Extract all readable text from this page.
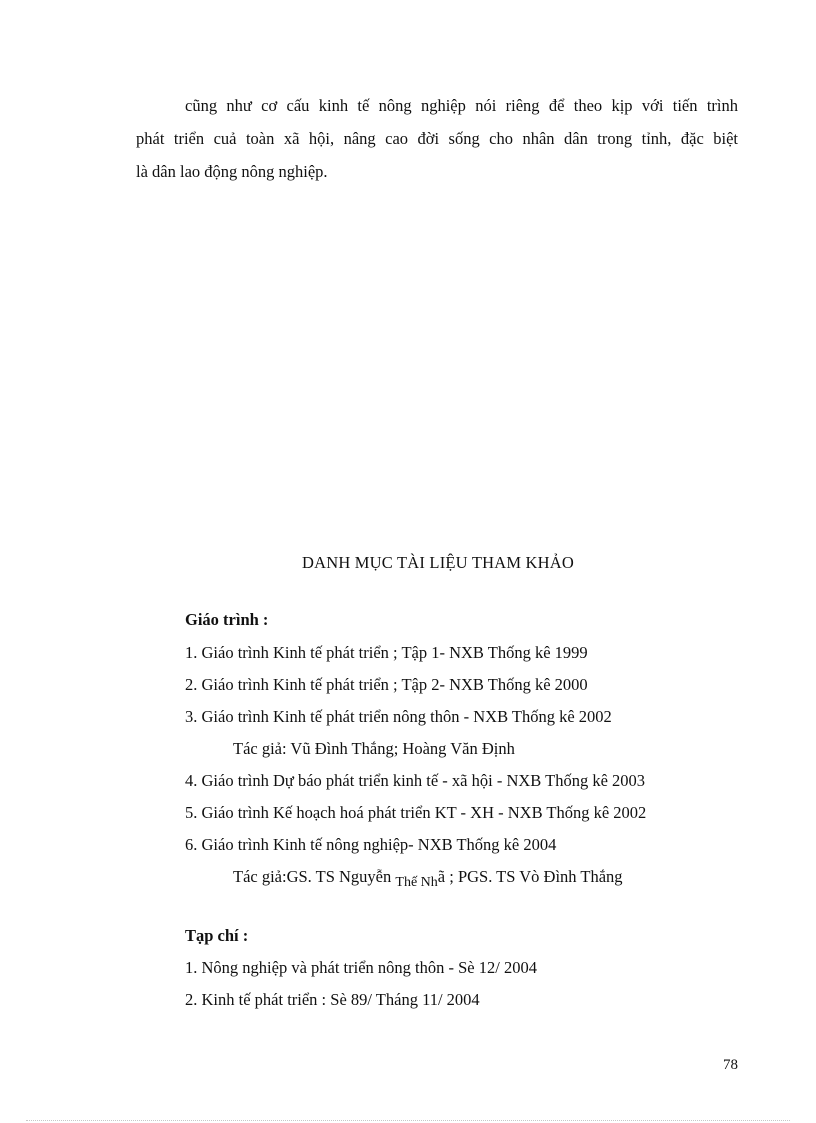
cũng như cơ cấu kinh tế nông nghiệp nói riêng để theo kịp với tiến trình
phát triển cuả toàn xã hội, nâng cao đời sống cho nhân dân trong tỉnh, đặc biệt
là dân lao động nông nghiệp.
DANH MỤC TÀI LIỆU THAM KHẢO
Giáo trình :
1. Giáo trình Kinh tế phát triển ; Tập 1- NXB Thống kê 1999
2. Giáo trình Kinh tế phát triển ; Tập 2- NXB Thống kê 2000
3. Giáo trình Kinh tế phát triển nông thôn - NXB Thống kê 2002
Tác giả: Vũ Đình Thắng; Hoàng Văn Định
4. Giáo trình Dự báo phát triển kinh tế - xã hội - NXB Thống kê 2003
5. Giáo trình Kế hoạch hoá phát triển KT - XH - NXB Thống kê 2002
6. Giáo trình Kinh tế nông nghiệp- NXB Thống kê 2004
Tác giả:GS. TS Nguyễn $_{Thế Nh}$ã ; PGS. TS Vò Đình Thắng
Tạp chí :
1. Nông nghiệp và phát triển nông thôn - Sè 12/ 2004
2. Kinh tế phát triển : Sè 89/ Tháng 11/ 2004
78
